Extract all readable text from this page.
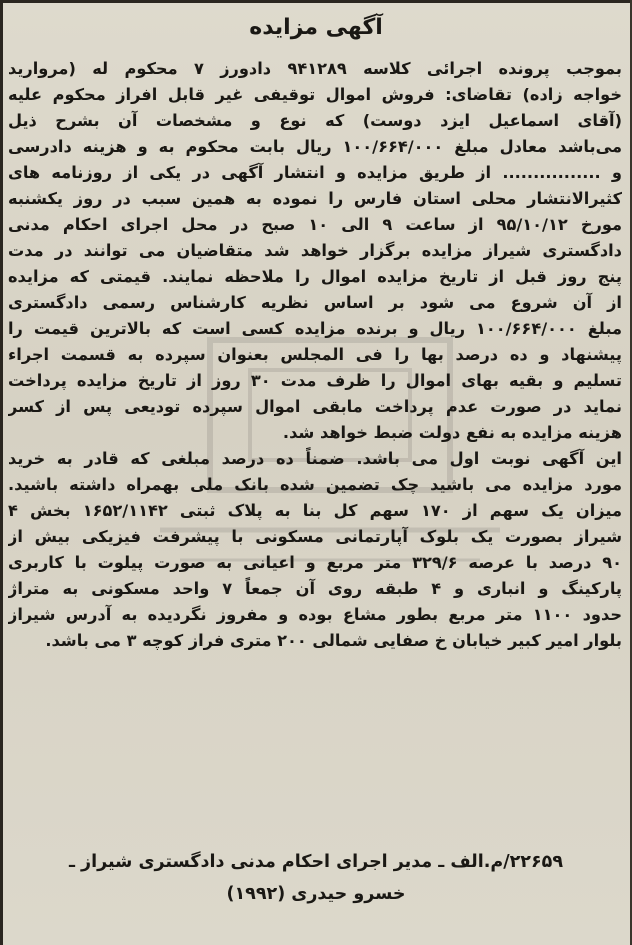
آگهی مزایده
بموجب پرونده اجرائی کلاسه ۹۴۱۲۸۹ دادورز ۷ محکوم له (مروارید
خواجه زاده) تقاضای: فروش اموال توقیفی غیر قابل افراز محکوم علیه
(آقای اسماعیل ایزد دوست) که نوع و مشخصات آن بشرح ذیل
می‌باشد معادل مبلغ ۱۰۰/۶۶۴/۰۰۰ ریال بابت محکوم به و هزینه دادرسی
و ................ از طریق مزایده و انتشار آگهی در یکی از روزنامه های
کثیرالانتشار محلی استان فارس را نموده به همین سبب در روز یکشنبه
مورخ ۹۵/۱۰/۱۲ از ساعت ۹ الی ۱۰ صبح در محل اجرای احکام مدنی
دادگستری شیراز مزایده برگزار خواهد شد متقاضیان می توانند در مدت
پنج روز قبل از تاریخ مزایده اموال را ملاحظه نمایند. قیمتی که مزایده
از آن شروع می شود بر اساس نظریه کارشناس رسمی دادگستری
مبلغ ۱۰۰/۶۶۴/۰۰۰ ریال و برنده مزایده کسی است که بالاترین قیمت را
پیشنهاد و ده درصد بها را فی المجلس بعنوان سپرده به قسمت اجراء
تسلیم و بقیه بهای اموال را ظرف مدت ۳۰ روز از تاریخ مزایده پرداخت
نماید در صورت عدم پرداخت مابقی اموال سپرده تودیعی پس از کسر
هزینه مزایده به نفع دولت ضبط خواهد شد.
این آگهی نوبت اول می باشد. ضمناً ده درصد مبلغی که قادر به خرید
مورد مزایده می باشید چک تضمین شده بانک ملی بهمراه داشته باشید.
میزان یک سهم از ۱۷۰ سهم کل بنا به پلاک ثبتی ۱۶۵۲/۱۱۴۲ بخش ۴
شیراز بصورت یک بلوک آپارتمانی مسکونی با پیشرفت فیزیکی بیش از
۹۰ درصد با عرصه ۳۲۹/۶ متر مربع و اعیانی به صورت پیلوت با کاربری
پارکینگ و انباری و ۴ طبقه روی آن جمعاً ۷ واحد مسکونی به متراژ
حدود ۱۱۰۰ متر مربع بطور مشاع بوده و مفروز نگردیده به آدرس شیراز
بلوار امیر کبیر خیابان خ صفایی شمالی ۲۰۰ متری فراز کوچه ۳ می باشد.
۲۲۶۵۹/م.الف ـ مدیر اجرای احکام مدنی دادگستری شیراز ـ
خسرو حیدری (۱۹۹۲)
